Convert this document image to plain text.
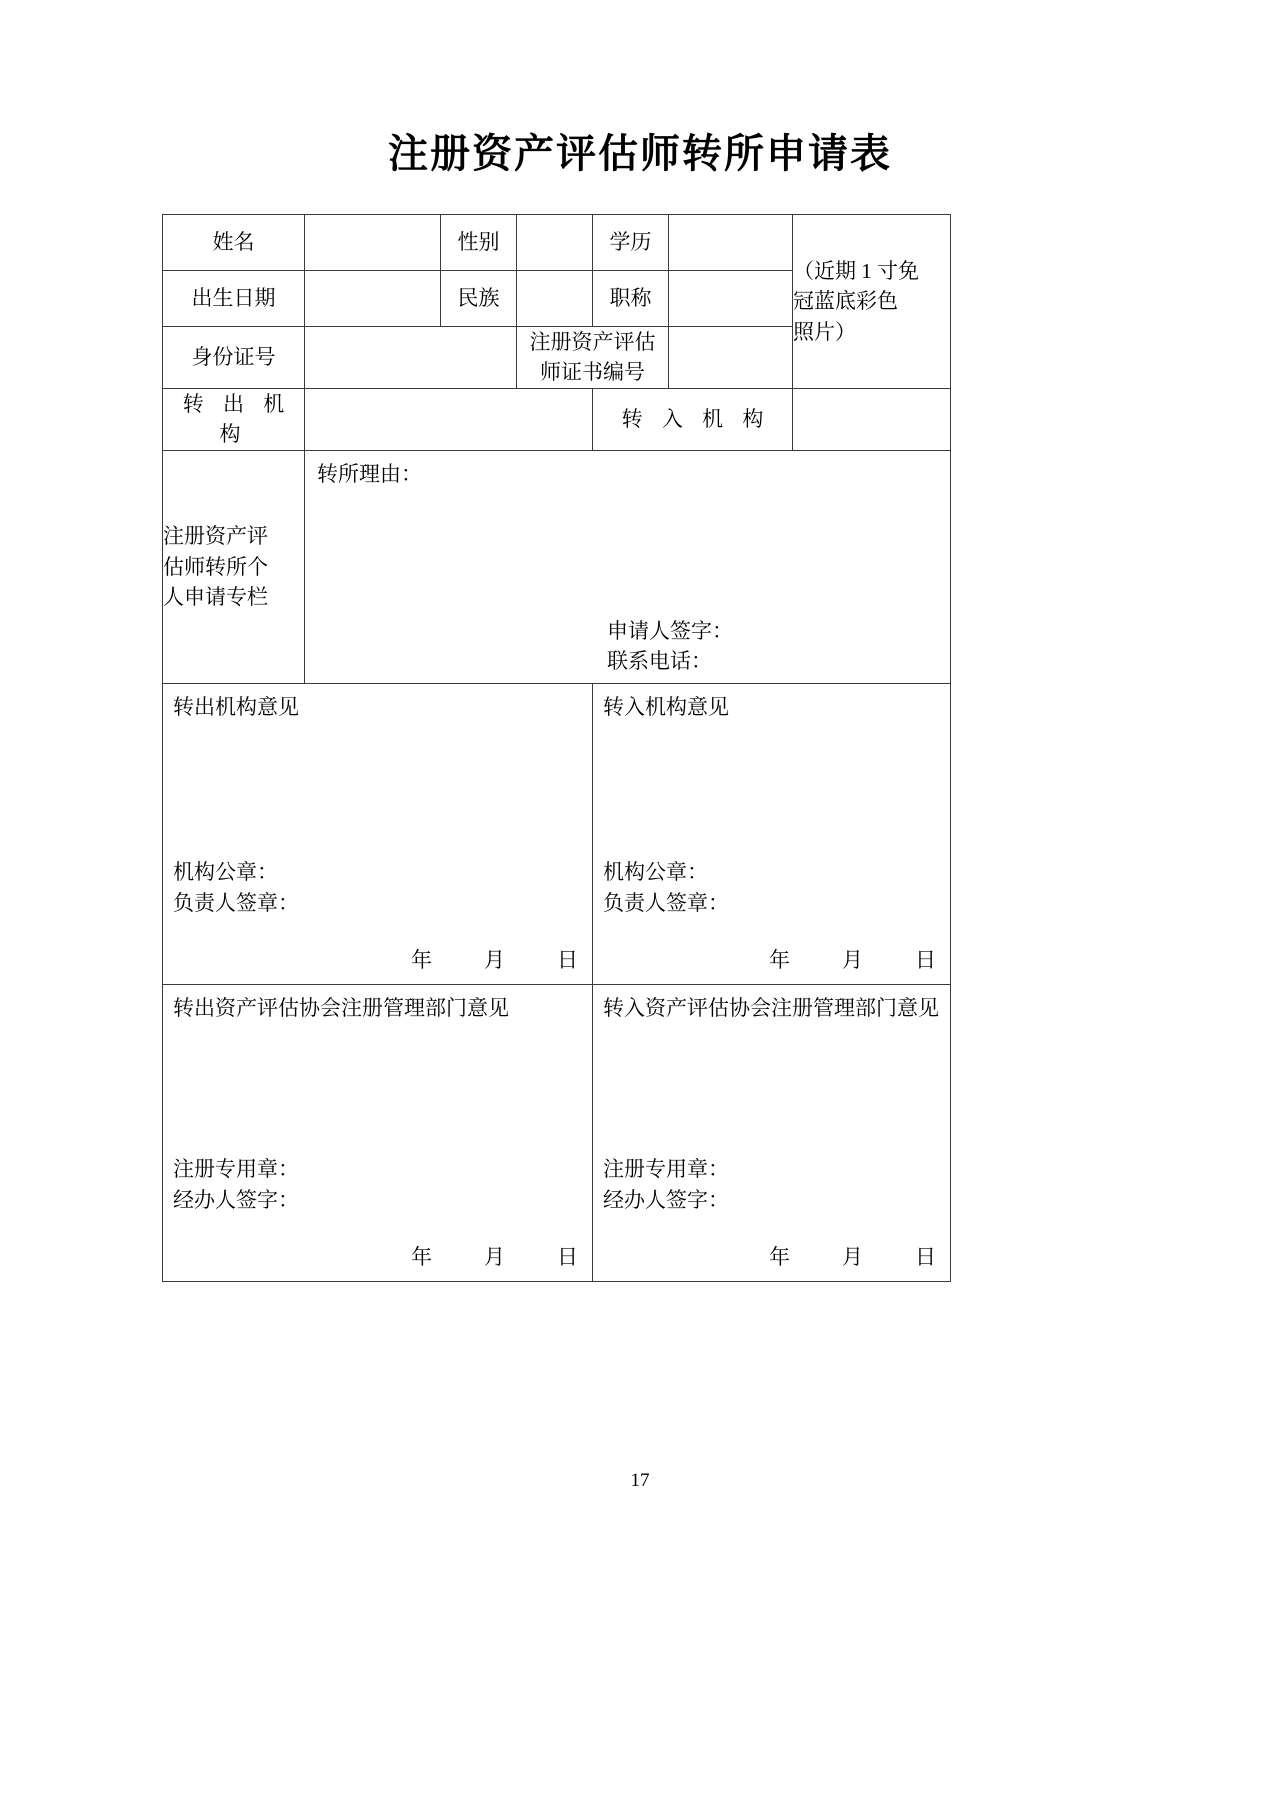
注册资产评估师转所申请表
姓名		性别		学历		（近期 1 寸免
冠蓝底彩色
照片）

出生日期		民族		职称		
身份证号			注册资产评估
师证书编号			

转 出 机 构				转 入 机 构		

注册资产评
估师转所个
人申请专栏

转所理由：
申请人签字：
联系电话：

转出机构意见
机构公章：
负责人签章：
年 月 日

转入机构意见
机构公章：
负责人签章：
年 月 日

转出资产评估协会注册管理部门意见
注册专用章：
经办人签字：
年 月 日

转入资产评估协会注册管理部门意见
注册专用章：
经办人签字：
年 月 日
17
